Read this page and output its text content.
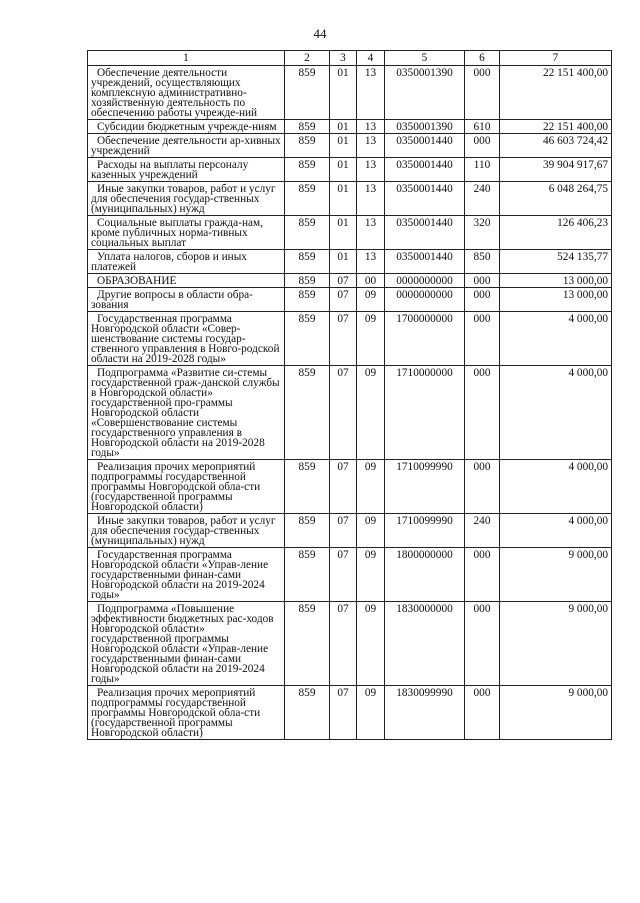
44
1	2	3	4	5	6	7
Обеспечение деятельности учреждений, осуществляющих комплексную административно-хозяйственную деятельность по обеспечению работы учрежде-ний	859	01	13	0350001390	000	22 151 400,00
Субсидии бюджетным учрежде-ниям	859	01	13	0350001390	610	22 151 400,00
Обеспечение деятельности ар-хивных учреждений	859	01	13	0350001440	000	46 603 724,42
Расходы на выплаты персоналу казенных учреждений	859	01	13	0350001440	110	39 904 917,67
Иные закупки товаров, работ и услуг для обеспечения государ-ственных (муниципальных) нужд	859	01	13	0350001440	240	6 048 264,75
Социальные выплаты гражда-нам, кроме публичных норма-тивных социальных выплат	859	01	13	0350001440	320	126 406,23
Уплата налогов, сборов и иных платежей	859	01	13	0350001440	850	524 135,77
ОБРАЗОВАНИЕ	859	07	00	0000000000	000	13 000,00
Другие вопросы в области обра-зования	859	07	09	0000000000	000	13 000,00
Государственная программа Новгородской области «Совер-шенствование системы государ-ственного управления в Новго-родской области на 2019-2028 годы»	859	07	09	1700000000	000	4 000,00
Подпрограмма «Развитие си-стемы государственной граж-данской службы в Новгородской области» государственной про-граммы Новгородской области «Совершенствование системы государственного управления в Новгородской области на 2019-2028 годы»	859	07	09	1710000000	000	4 000,00
Реализация прочих мероприятий подпрограммы государственной программы Новгородской обла-сти (государственной программы Новгородской области)	859	07	09	1710099990	000	4 000,00
Иные закупки товаров, работ и услуг для обеспечения государ-ственных (муниципальных) нужд	859	07	09	1710099990	240	4 000,00
Государственная программа Новгородской области «Управ-ление государственными финан-сами Новгородской области на 2019-2024 годы»	859	07	09	1800000000	000	9 000,00
Подпрограмма «Повышение эффективности бюджетных рас-ходов Новгородской области» государственной программы Новгородской области «Управ-ление государственными финан-сами Новгородской области на 2019-2024 годы»	859	07	09	1830000000	000	9 000,00
Реализация прочих мероприятий подпрограммы государственной программы Новгородской обла-сти (государственной программы Новгородской области)	859	07	09	1830099990	000	9 000,00
